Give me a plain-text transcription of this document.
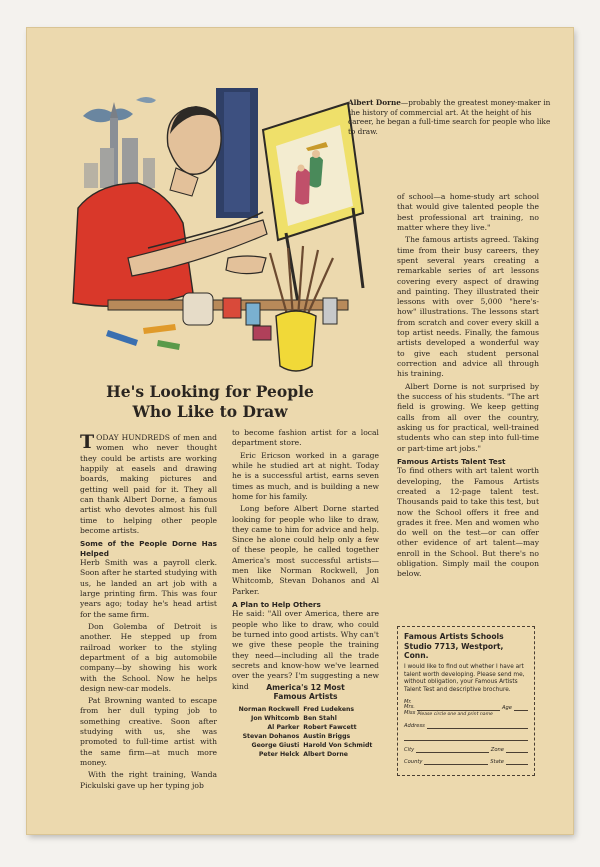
Albert Dorne—probably the greatest money-maker in the history of commercial art. At the height of his career, he began a full-time search for people who like to draw.
He's Looking for People
Who Like to Draw

TODAY HUNDREDS of men and women who never thought they could be artists are working happily at easels and drawing boards, making pictures and getting well paid for it. They all can thank Albert Dorne, a famous artist who devotes almost his full time to helping other people become artists.

Some of the People Dorne Has Helped

Herb Smith was a payroll clerk. Soon after he started studying with us, he landed an art job with a large printing firm. This was four years ago; today he's head artist for the same firm.

Don Golemba of Detroit is another. He stepped up from railroad worker to the styling department of a big automobile company—by showing his work with the School. Now he helps design new-car models.

Pat Browning wanted to escape from her dull typing job to something creative. Soon after studying with us, she was promoted to full-time artist with the same firm—at much more money.

With the right training, Wanda Pickulski gave up her typing job

to become fashion artist for a local department store.

Eric Ericson worked in a garage while he studied art at night. Today he is a successful artist, earns seven times as much, and is building a new home for his family.

Long before Albert Dorne started looking for people who like to draw, they came to him for advice and help. Since he alone could help only a few of these people, he called together America's most successful artists—men like Norman Rockwell, Jon Whitcomb, Stevan Dohanos and Al Parker.

A Plan to Help Others

He said: "All over America, there are people who like to draw, who could be turned into good artists. Why can't we give these people the training they need—including all the trade secrets and know-how we've learned over the years? I'm suggesting a new kind	America's 12 Most
Famous Artists
Norman Rockwell	Fred Ludekens
Jon Whitcomb	Ben Stahl
Al Parker	Robert Fawcett
Stevan Dohanos	Austin Briggs
George Giusti	Harold Von Schmidt
Peter Helck	Albert Dorne

of school—a home-study art school that would give talented people the best professional art training, no matter where they live."

The famous artists agreed. Taking time from their busy careers, they spent several years creating a remarkable series of art lessons covering every aspect of drawing and painting. They illustrated their lessons with over 5,000 "here's-how" illustrations. The lessons start from scratch and cover every skill a top artist needs. Finally, the famous artists developed a wonderful way to give each student personal correction and advice all through his training.

Albert Dorne is not surprised by the success of his students. "The art field is growing. We keep getting calls from all over the country, asking us for practical, well-trained students who can step into full-time or part-time art jobs."

Famous Artists Talent Test

To find others with art talent worth developing, the Famous Artists created a 12-page talent test. Thousands paid to take this test, but now the School offers it free and grades it free. Men and women who do well on the test—or can offer other evidence of art talent—may enroll in the School. But there's no obligation. Simply mail the coupon below.

Famous Artists Schools
Studio 7713, Westport, Conn.
I would like to find out whether I have art talent worth developing. Please send me, without obligation, your Famous Artists Talent Test and descriptive brochure.
Mr.
Mrs.
Miss
Age
Please circle one and print name
Address
City	Zone
County	State
